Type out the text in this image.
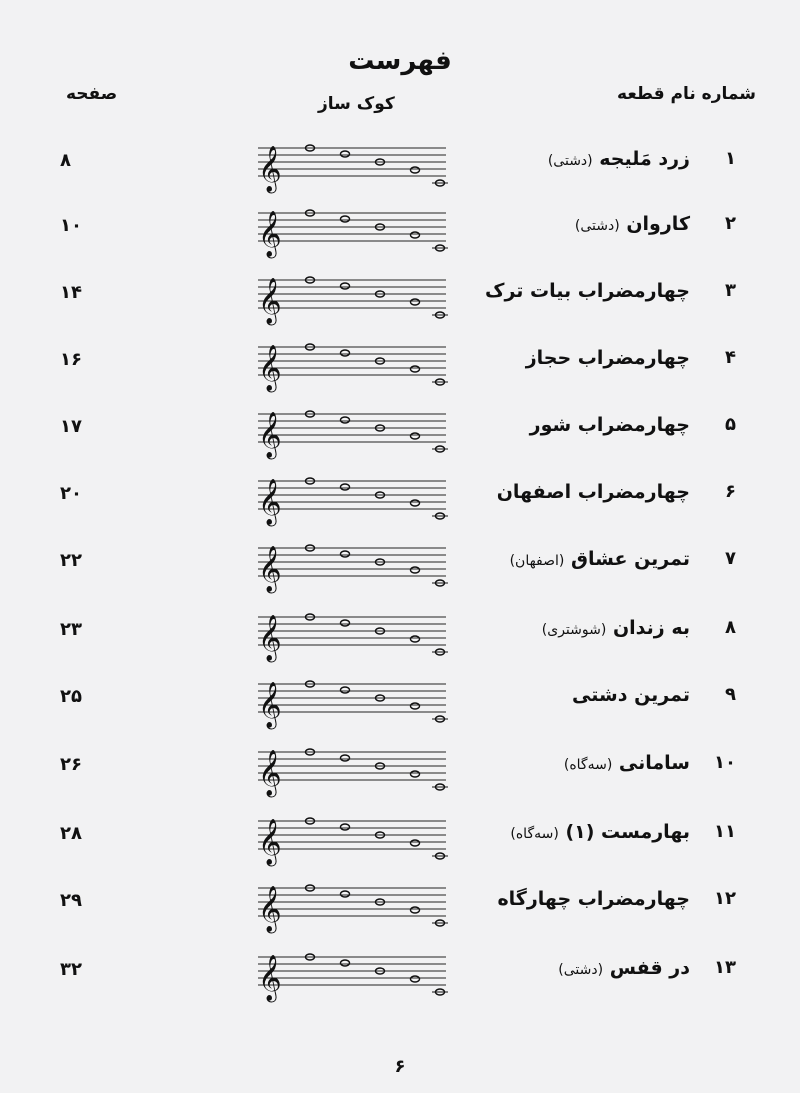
فهرست
شماره نام قطعه
کوک ساز
صفحه
۱
زرد مَلیجه (دشتی)
𝄞
۸
۲
کاروان (دشتی)
𝄞
۱۰
۳
چهارمضراب بیات ترک
𝄞
۱۴
۴
چهارمضراب حجاز
𝄞
۱۶
۵
چهارمضراب شور
𝄞
۱۷
۶
چهارمضراب اصفهان
𝄞
۲۰
۷
تمرین عشاق (اصفهان)
𝄞
۲۲
۸
به زندان (شوشتری)
𝄞
۲۳
۹
تمرین دشتی
𝄞
۲۵
۱۰
سامانی (سه‌گاه)
𝄞
۲۶
۱۱
بهارمست (۱) (سه‌گاه)
𝄞
۲۸
۱۲
چهارمضراب چهارگاه
𝄞
۲۹
۱۳
در قفس (دشتی)
𝄞
۳۲
۶
